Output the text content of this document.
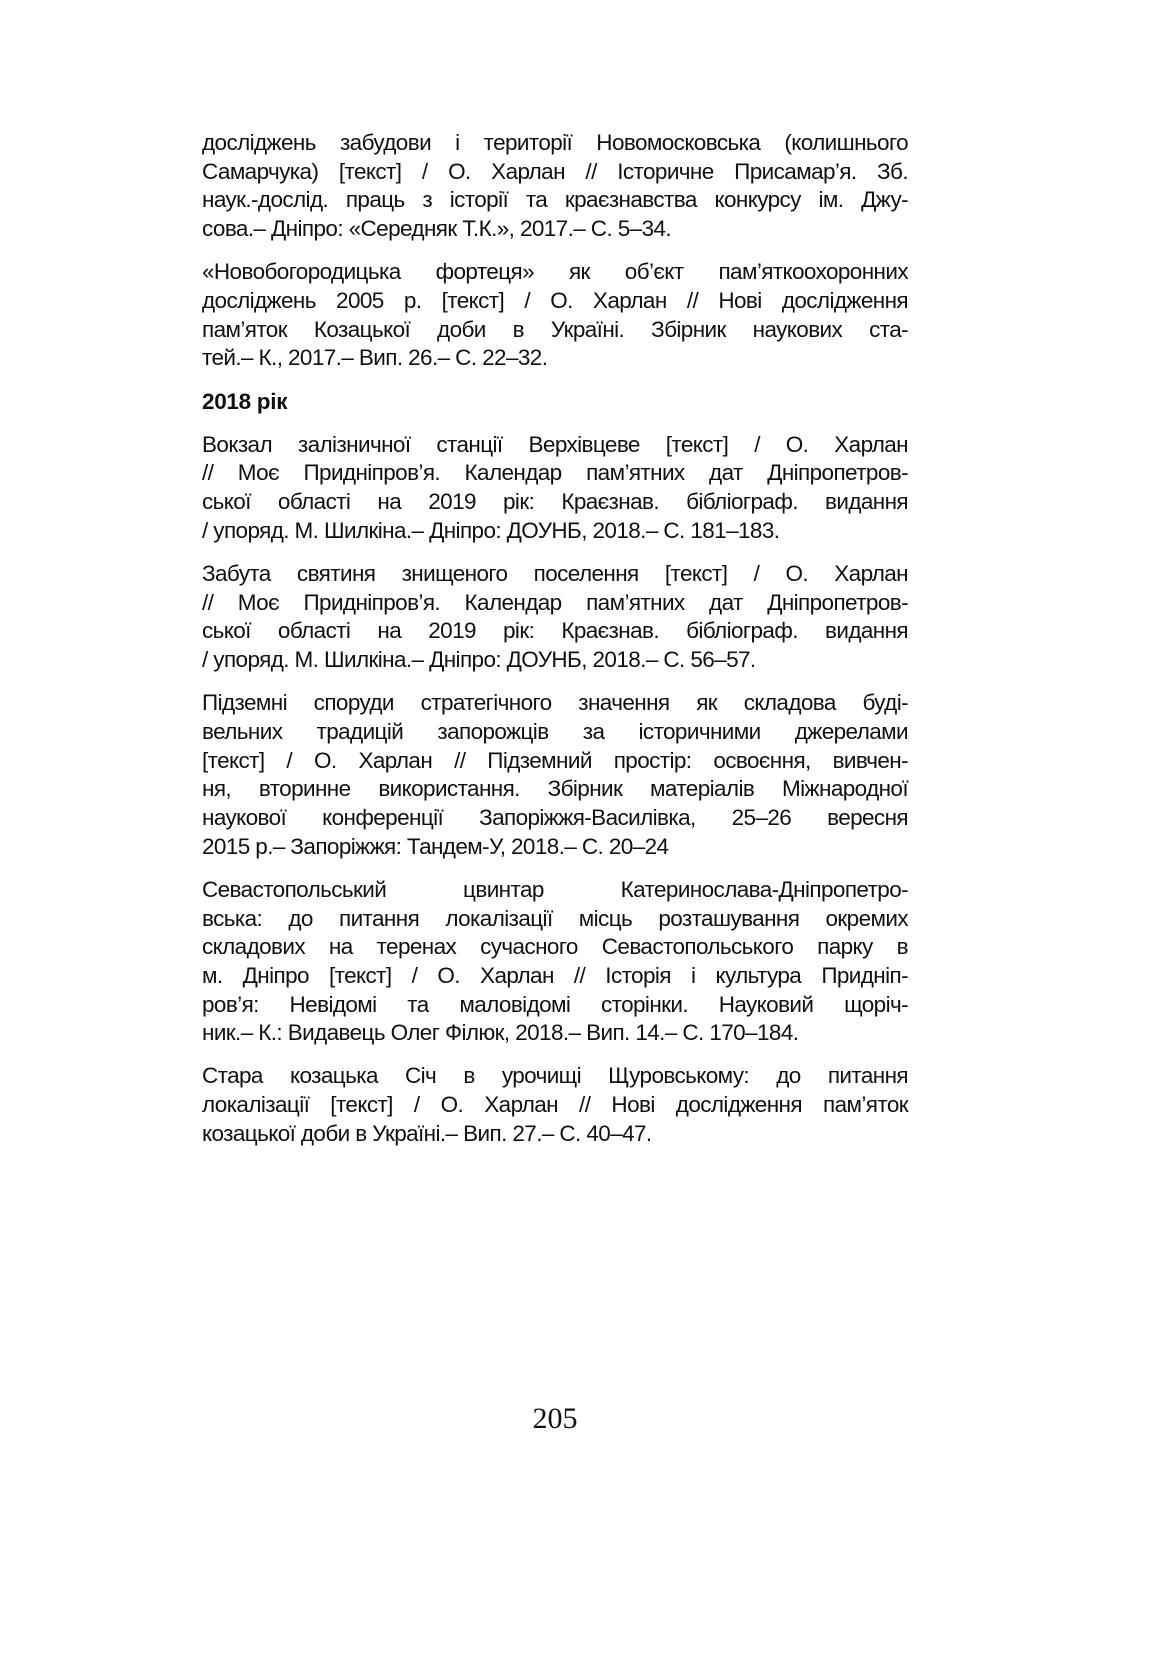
досліджень забудови і території Новомосковська (колишнього
Самарчука) [текст] / О. Харлан // Історичне Присамар’я. Зб.
наук.-дослід. праць з історії та краєзнавства конкурсу ім. Джу-
сова.– Дніпро: «Середняк Т.К.», 2017.– С. 5–34.
«Новобогородицька фортеця» як об’єкт пам’яткоохоронних
досліджень 2005 р. [текст] / О. Харлан // Нові дослідження
пам’яток Козацької доби в Україні. Збірник наукових ста-
тей.– К., 2017.– Вип. 26.– С. 22–32.
2018 рік
Вокзал залізничної станції Верхівцеве [текст] / О. Харлан
// Моє Придніпров’я. Календар пам’ятних дат Дніпропетров-
ської області на 2019 рік: Краєзнав. бібліограф. видання
/ упоряд. М. Шилкіна.– Дніпро: ДОУНБ, 2018.– С. 181–183.
Забута святиня знищеного поселення [текст] / О. Харлан
// Моє Придніпров’я. Календар пам’ятних дат Дніпропетров-
ської області на 2019 рік: Краєзнав. бібліограф. видання
/ упоряд. М. Шилкіна.– Дніпро: ДОУНБ, 2018.– С. 56–57.
Підземні споруди стратегічного значення як складова буді-
вельних традицій запорожців за історичними джерелами
[текст] / О. Харлан // Підземний простір: освоєння, вивчен-
ня, вторинне використання. Збірник матеріалів Міжнародної
наукової конференції Запоріжжя-Василівка, 25–26 вересня
2015 р.– Запоріжжя: Тандем-У, 2018.– С. 20–24
Севастопольський цвинтар Катеринослава-Дніпропетро-
вська: до питання локалізації місць розташування окремих
складових на теренах сучасного Севастопольського парку в
м. Дніпро [текст] / О. Харлан // Історія і культура Придніп-
ров’я: Невідомі та маловідомі сторінки. Науковий щоріч-
ник.– К.: Видавець Олег Філюк, 2018.– Вип. 14.– С. 170–184.
Стара козацька Січ в урочищі Щуровському: до питання
локалізації [текст] / О. Харлан // Нові дослідження пам’яток
козацької доби в Україні.– Вип. 27.– С. 40–47.
205
